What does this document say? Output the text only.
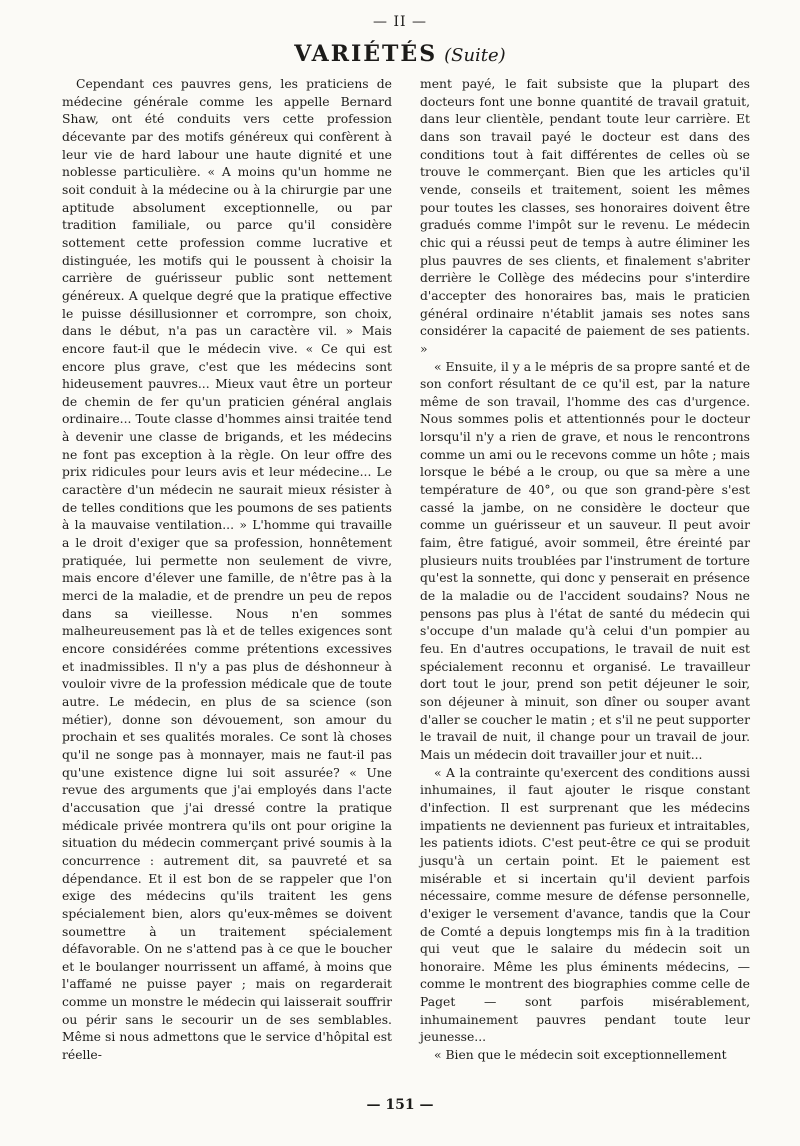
— II —
VARIÉTÉS (Suite)

Cependant ces pauvres gens, les praticiens de médecine générale comme les appelle Bernard Shaw, ont été conduits vers cette profession décevante par des motifs généreux qui confèrent à leur vie de hard labour une haute dignité et une noblesse particulière. « A moins qu'un homme ne soit conduit à la médecine ou à la chirurgie par une aptitude absolument exceptionnelle, ou par tradition familiale, ou parce qu'il considère sottement cette profession comme lucrative et distinguée, les motifs qui le poussent à choisir la carrière de guérisseur public sont nettement généreux. A quelque degré que la pratique effective le puisse désillusionner et corrompre, son choix, dans le début, n'a pas un caractère vil. » Mais encore faut-il que le médecin vive. « Ce qui est encore plus grave, c'est que les médecins sont hideusement pauvres... Mieux vaut être un porteur de chemin de fer qu'un praticien général anglais ordinaire... Toute classe d'hommes ainsi traitée tend à devenir une classe de brigands, et les médecins ne font pas exception à la règle. On leur offre des prix ridicules pour leurs avis et leur médecine... Le caractère d'un médecin ne saurait mieux résister à de telles conditions que les poumons de ses patients à la mauvaise ventilation... » L'homme qui travaille a le droit d'exiger que sa profession, honnêtement pratiquée, lui permette non seulement de vivre, mais encore d'élever une famille, de n'être pas à la merci de la maladie, et de prendre un peu de repos dans sa vieillesse. Nous n'en sommes malheureusement pas là et de telles exigences sont encore considérées comme prétentions excessives et inadmissibles. Il n'y a pas plus de déshonneur à vouloir vivre de la profession médicale que de toute autre. Le médecin, en plus de sa science (son métier), donne son dévouement, son amour du prochain et ses qualités morales. Ce sont là choses qu'il ne songe pas à monnayer, mais ne faut-il pas qu'une existence digne lui soit assurée? « Une revue des arguments que j'ai employés dans l'acte d'accusation que j'ai dressé contre la pratique médicale privée montrera qu'ils ont pour origine la situation du médecin commerçant privé soumis à la concurrence : autrement dit, sa pauvreté et sa dépendance. Et il est bon de se rappeler que l'on exige des médecins qu'ils traitent les gens spécialement bien, alors qu'eux-mêmes se doivent soumettre à un traitement spécialement défavorable. On ne s'attend pas à ce que le boucher et le boulanger nourrissent un affamé, à moins que l'affamé ne puisse payer ; mais on regarderait comme un monstre le médecin qui laisserait souffrir ou périr sans le secourir un de ses semblables. Même si nous admettons que le service d'hôpital est réelle-

ment payé, le fait subsiste que la plupart des docteurs font une bonne quantité de travail gratuit, dans leur clientèle, pendant toute leur carrière. Et dans son travail payé le docteur est dans des conditions tout à fait différentes de celles où se trouve le commerçant. Bien que les articles qu'il vende, conseils et traitement, soient les mêmes pour toutes les classes, ses honoraires doivent être gradués comme l'impôt sur le revenu. Le médecin chic qui a réussi peut de temps à autre éliminer les plus pauvres de ses clients, et finalement s'abriter derrière le Collège des médecins pour s'interdire d'accepter des honoraires bas, mais le praticien général ordinaire n'établit jamais ses notes sans considérer la capacité de paiement de ses patients. »

« Ensuite, il y a le mépris de sa propre santé et de son confort résultant de ce qu'il est, par la nature même de son travail, l'homme des cas d'urgence. Nous sommes polis et attentionnés pour le docteur lorsqu'il n'y a rien de grave, et nous le rencontrons comme un ami ou le recevons comme un hôte ; mais lorsque le bébé a le croup, ou que sa mère a une température de 40°, ou que son grand-père s'est cassé la jambe, on ne considère le docteur que comme un guérisseur et un sauveur. Il peut avoir faim, être fatigué, avoir sommeil, être éreinté par plusieurs nuits troublées par l'instrument de torture qu'est la sonnette, qui donc y penserait en présence de la maladie ou de l'accident soudains? Nous ne pensons pas plus à l'état de santé du médecin qui s'occupe d'un malade qu'à celui d'un pompier au feu. En d'autres occupations, le travail de nuit est spécialement reconnu et organisé. Le travailleur dort tout le jour, prend son petit déjeuner le soir, son déjeuner à minuit, son dîner ou souper avant d'aller se coucher le matin ; et s'il ne peut supporter le travail de nuit, il change pour un travail de jour. Mais un médecin doit travailler jour et nuit...

« A la contrainte qu'exercent des conditions aussi inhumaines, il faut ajouter le risque constant d'infection. Il est surprenant que les médecins impatients ne deviennent pas furieux et intraitables, les patients idiots. C'est peut-être ce qui se produit jusqu'à un certain point. Et le paiement est misérable et si incertain qu'il devient parfois nécessaire, comme mesure de défense personnelle, d'exiger le versement d'avance, tandis que la Cour de Comté a depuis longtemps mis fin à la tradition qui veut que le salaire du médecin soit un honoraire. Même les plus éminents médecins, — comme le montrent des biographies comme celle de Paget — sont parfois misérablement, inhumainement pauvres pendant toute leur jeunesse...

« Bien que le médecin soit exceptionnellement

— 151 —
